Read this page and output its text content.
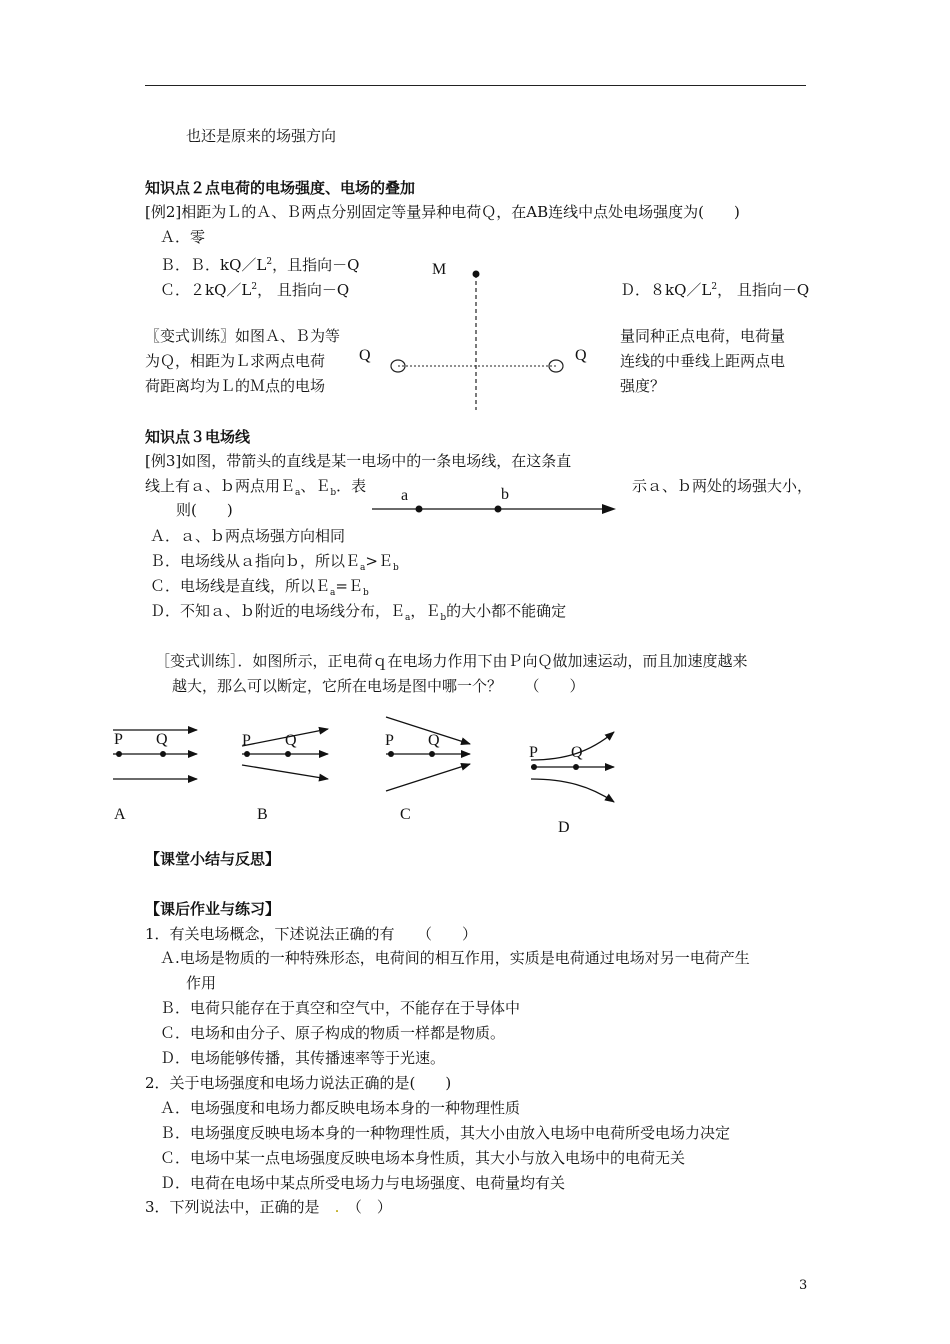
也还是原来的场强方向
知识点２点电荷的电场强度、电场的叠加
[例2]相距为Ｌ的Ａ、Ｂ两点分别固定等量异种电荷Ｑ，在AB连线中点处电场强度为(　　)
Ａ．零
Ｂ．Ｂ．$kQ/L^2$，且指向－Q
Ｃ．$2kQ/L^2$， 且指向－Q	Ｄ．$8kQ/L^2$， 且指向－Q
〖变式训练〗如图Ａ、Ｂ为等
为Ｑ，相距为Ｌ求两点电荷
荷距离均为Ｌ的Ｍ点的电场
量同种正点电荷，电荷量
连线的中垂线上距两点电
强度？
M
Q	Q
知识点３电场线
[例3]如图，带箭头的直线是某一电场中的一条电场线，在这条直
线上有ａ、ｂ两点用Ｅ$_a$、Ｅ$_b$．表	示ａ、ｂ两处的场强大小，
则(　　)
a	b
Ａ．ａ、ｂ两点场强方向相同
Ｂ．电场线从ａ指向ｂ，所以Ｅ$_a$>Ｅ$_b$
Ｃ．电场线是直线，所以Ｅ$_a$=Ｅ$_b$
Ｄ．不知ａ、ｂ附近的电场线分布，Ｅ$_a$，Ｅ$_b$的大小都不能确定
［变式训练］．如图所示，正电荷ｑ在电场力作用下由Ｐ向Ｑ做加速运动，而且加速度越来
越大，那么可以断定，它所在电场是图中哪一个？　　（　　）
P Q
A
P Q
B
P Q
C
P Q
D
【课堂小结与反思】
【课后作业与练习】
1．有关电场概念，下述说法正确的有　　（　　）
Ａ.电场是物质的一种特殊形态，电荷间的相互作用，实质是电荷通过电场对另一电荷产生
作用
Ｂ．电荷只能存在于真空和空气中，不能存在于导体中
Ｃ．电场和由分子、原子构成的物质一样都是物质。
Ｄ．电场能够传播，其传播速率等于光速。
2．关于电场强度和电场力说法正确的是(　　)
Ａ．电场强度和电场力都反映电场本身的一种物理性质
Ｂ．电场强度反映电场本身的一种物理性质，其大小由放入电场中电荷所受电场力决定
Ｃ．电场中某一点电场强度反映电场本身性质，其大小与放入电场中的电荷无关
Ｄ．电荷在电场中某点所受电场力与电场强度、电荷量均有关
3．下列说法中，正确的是　 .　 （　）
3
